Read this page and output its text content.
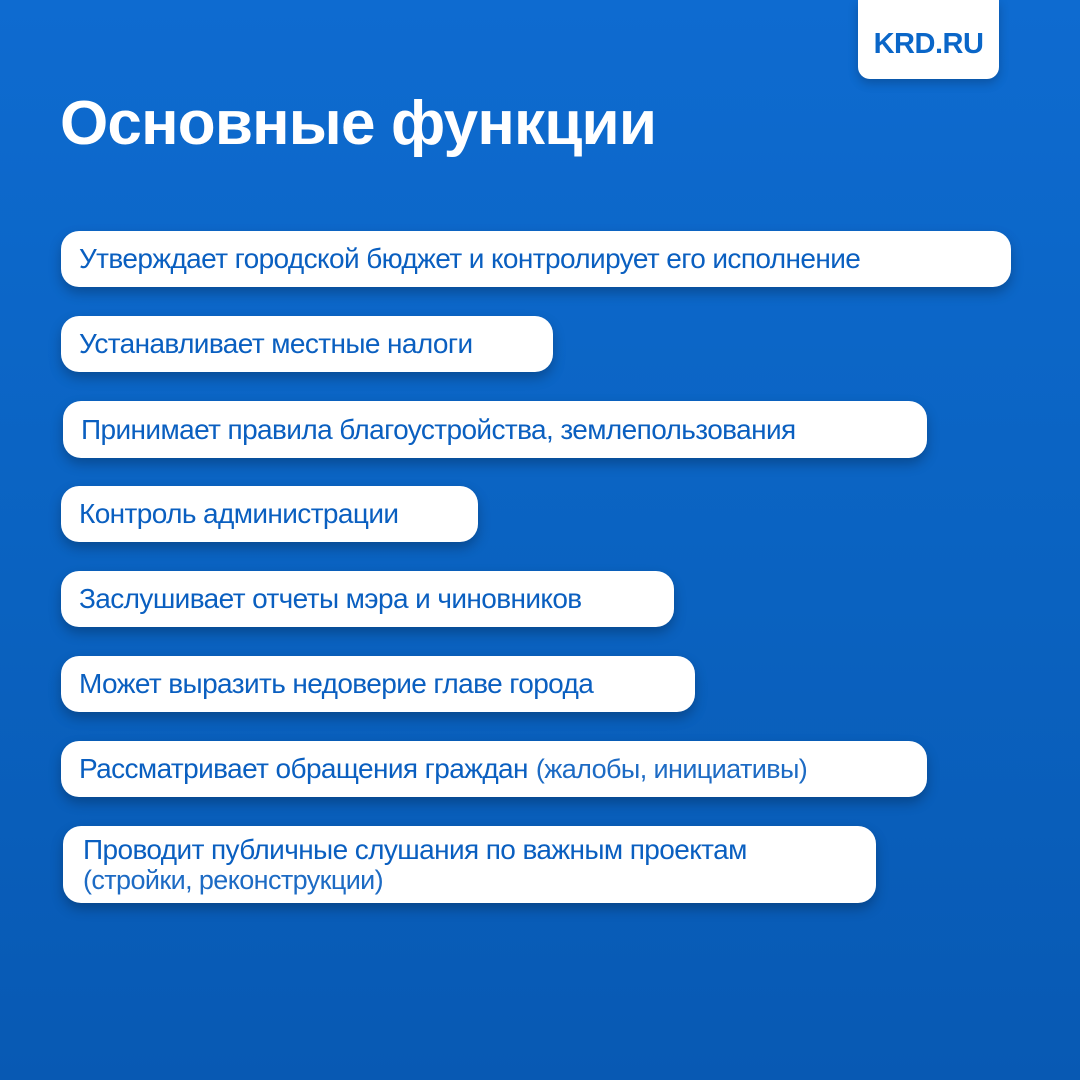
KRD.RU
Основные функции
Утверждает городской бюджет и контролирует его исполнение
Устанавливает местные налоги
Принимает правила благоустройства, землепользования
Контроль администрации
Заслушивает отчеты мэра и чиновников
Может выразить недоверие главе города
Рассматривает обращения граждан (жалобы, инициативы)
Проводит публичные слушания по важным проектам
(стройки, реконструкции)
